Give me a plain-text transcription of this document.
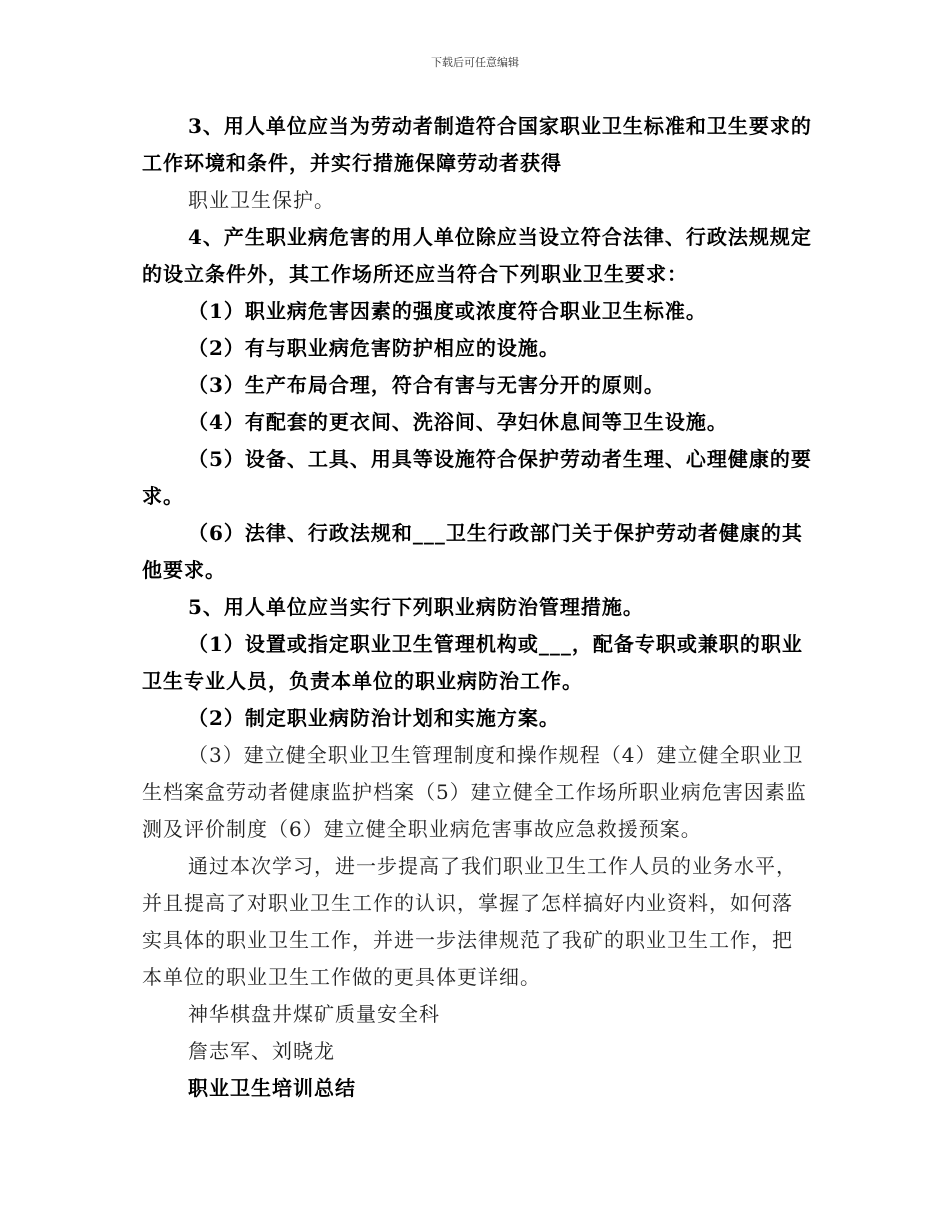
下载后可任意编辑

3、用人单位应当为劳动者制造符合国家职业卫生标准和卫生要求的工作环境和条件，并实行措施保障劳动者获得

职业卫生保护。

4、产生职业病危害的用人单位除应当设立符合法律、行政法规规定的设立条件外，其工作场所还应当符合下列职业卫生要求：

（1）职业病危害因素的强度或浓度符合职业卫生标准。

（2）有与职业病危害防护相应的设施。

（3）生产布局合理，符合有害与无害分开的原则。

（4）有配套的更衣间、洗浴间、孕妇休息间等卫生设施。

（5）设备、工具、用具等设施符合保护劳动者生理、心理健康的要求。

（6）法律、行政法规和___卫生行政部门关于保护劳动者健康的其他要求。

5、用人单位应当实行下列职业病防治管理措施。

（1）设置或指定职业卫生管理机构或___，配备专职或兼职的职业卫生专业人员，负责本单位的职业病防治工作。

（2）制定职业病防治计划和实施方案。

（3）建立健全职业卫生管理制度和操作规程（4）建立健全职业卫生档案盒劳动者健康监护档案（5）建立健全工作场所职业病危害因素监测及评价制度（6）建立健全职业病危害事故应急救援预案。

通过本次学习，进一步提高了我们职业卫生工作人员的业务水平，并且提高了对职业卫生工作的认识，掌握了怎样搞好内业资料，如何落实具体的职业卫生工作，并进一步法律规范了我矿的职业卫生工作，把本单位的职业卫生工作做的更具体更详细。

神华棋盘井煤矿质量安全科

詹志军、刘晓龙

职业卫生培训总结
